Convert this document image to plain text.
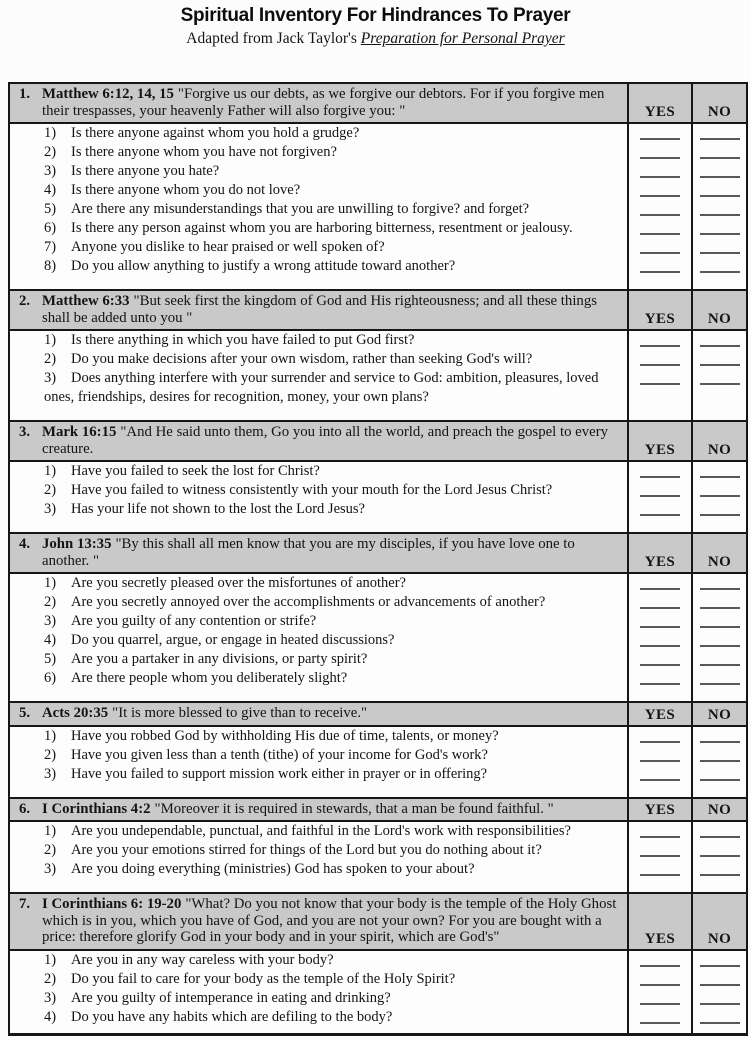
Spiritual Inventory For Hindrances To Prayer

Adapted from Jack Taylor's Preparation for Personal Prayer

1. Matthew 6:12, 14, 15 "Forgive us our debts, as we forgive our debtors. For if you forgive men their trespasses, your heavenly Father will also forgive you: "	YES NO
1) Is there anyone against whom you hold a grudge?
2) Is there anyone whom you have not forgiven?
3) Is there anyone you hate?
4) Is there anyone whom you do not love?
5) Are there any misunderstandings that you are unwilling to forgive? and forget?
6) Is there any person against whom you are harboring bitterness, resentment or jealousy.
7) Anyone you dislike to hear praised or well spoken of?
8) Do you allow anything to justify a wrong attitude toward another?
2. Matthew 6:33 "But seek first the kingdom of God and His righteousness; and all these things shall be added unto you "	YES NO
1) Is there anything in which you have failed to put God first?
2) Do you make decisions after your own wisdom, rather than seeking God's will?
3) Does anything interfere with your surrender and service to God: ambition, pleasures, loved ones, friendships, desires for recognition, money, your own plans?
3. Mark 16:15 "And He said unto them, Go you into all the world, and preach the gospel to every creature.	YES NO
1) Have you failed to seek the lost for Christ?
2) Have you failed to witness consistently with your mouth for the Lord Jesus Christ?
3) Has your life not shown to the lost the Lord Jesus?
4. John 13:35 "By this shall all men know that you are my disciples, if you have love one to another. "	YES NO
1) Are you secretly pleased over the misfortunes of another?
2) Are you secretly annoyed over the accomplishments or advancements of another?
3) Are you guilty of any contention or strife?
4) Do you quarrel, argue, or engage in heated discussions?
5) Are you a partaker in any divisions, or party spirit?
6) Are there people whom you deliberately slight?
5. Acts 20:35 "It is more blessed to give than to receive."	YES NO
1) Have you robbed God by withholding His due of time, talents, or money?
2) Have you given less than a tenth (tithe) of your income for God's work?
3) Have you failed to support mission work either in prayer or in offering?
6. I Corinthians 4:2 "Moreover it is required in stewards, that a man be found faithful. "	YES NO
1) Are you undependable, punctual, and faithful in the Lord's work with responsibilities?
2) Are you your emotions stirred for things of the Lord but you do nothing about it?
3) Are you doing everything (ministries) God has spoken to your about?
7. I Corinthians 6: 19-20 "What? Do you not know that your body is the temple of the Holy Ghost which is in you, which you have of God, and you are not your own? For you are bought with a price: therefore glorify God in your body and in your spirit, which are God's"	YES NO
1) Are you in any way careless with your body?
2) Do you fail to care for your body as the temple of the Holy Spirit?
3) Are you guilty of intemperance in eating and drinking?
4) Do you have any habits which are defiling to the body?
